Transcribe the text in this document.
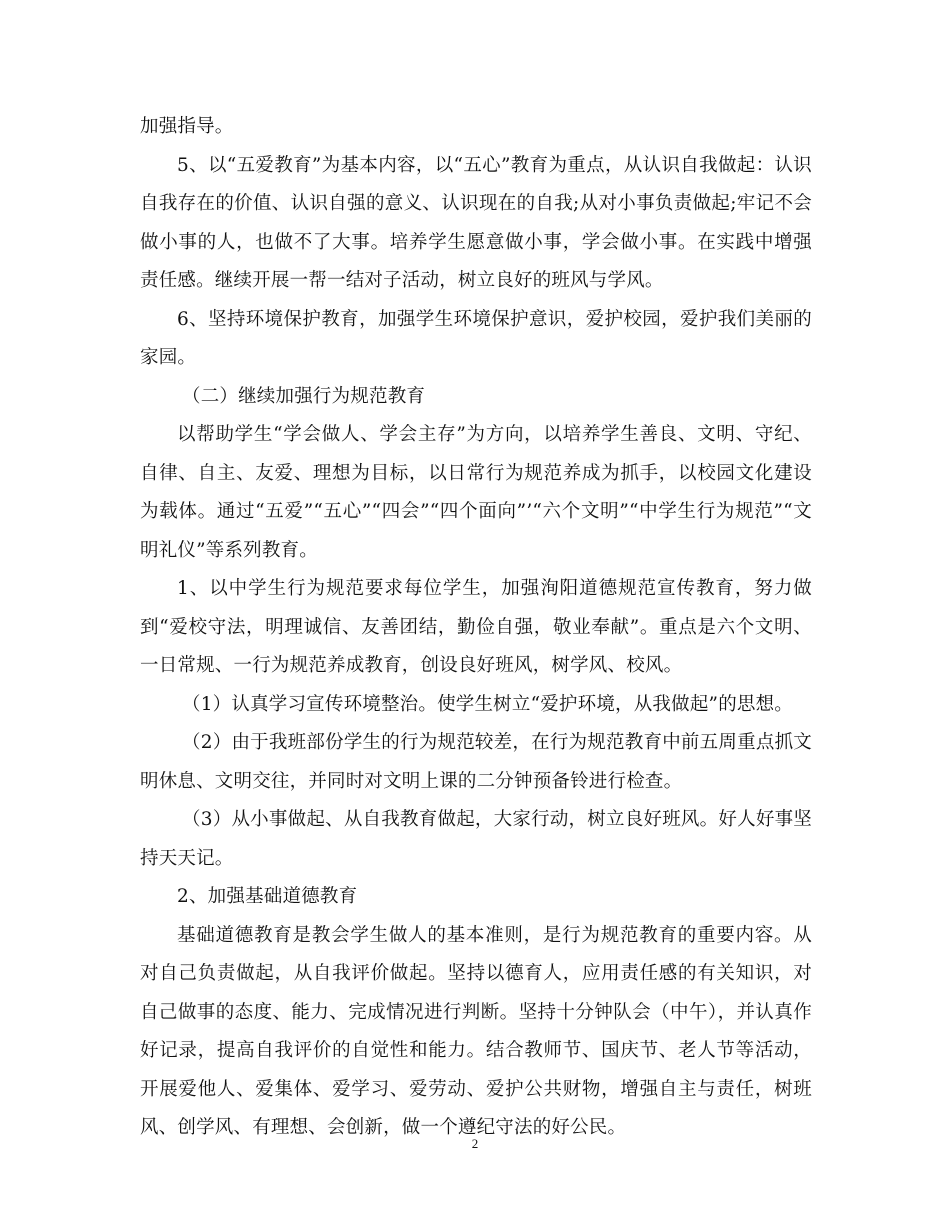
加强指导。

5、以“五爱教育”为基本内容，以“五心”教育为重点，从认识自我做起：认识自我存在的价值、认识自强的意义、认识现在的自我;从对小事负责做起;牢记不会做小事的人，也做不了大事。培养学生愿意做小事，学会做小事。在实践中增强责任感。继续开展一帮一结对子活动，树立良好的班风与学风。

6、坚持环境保护教育，加强学生环境保护意识，爱护校园，爱护我们美丽的家园。

（二）继续加强行为规范教育

以帮助学生“学会做人、学会主存”为方向，以培养学生善良、文明、守纪、自律、自主、友爱、理想为目标，以日常行为规范养成为抓手，以校园文化建设为载体。通过“五爱”“五心”“四会”“四个面向”’“六个文明”“中学生行为规范”“文明礼仪”等系列教育。

1、以中学生行为规范要求每位学生，加强洵阳道德规范宣传教育，努力做到“爱校守法，明理诚信、友善团结，勤俭自强，敬业奉献”。重点是六个文明、一日常规、一行为规范养成教育，创设良好班风，树学风、校风。

（1）认真学习宣传环境整治。使学生树立“爱护环境，从我做起”的思想。

（2）由于我班部份学生的行为规范较差，在行为规范教育中前五周重点抓文明休息、文明交往，并同时对文明上课的二分钟预备铃进行检查。

（3）从小事做起、从自我教育做起，大家行动，树立良好班风。好人好事坚持天天记。

2、加强基础道德教育

基础道德教育是教会学生做人的基本准则，是行为规范教育的重要内容。从对自己负责做起，从自我评价做起。坚持以德育人，应用责任感的有关知识，对自己做事的态度、能力、完成情况进行判断。坚持十分钟队会（中午），并认真作好记录，提高自我评价的自觉性和能力。结合教师节、国庆节、老人节等活动，开展爱他人、爱集体、爱学习、爱劳动、爱护公共财物，增强自主与责任，树班风、创学风、有理想、会创新，做一个遵纪守法的好公民。

2
